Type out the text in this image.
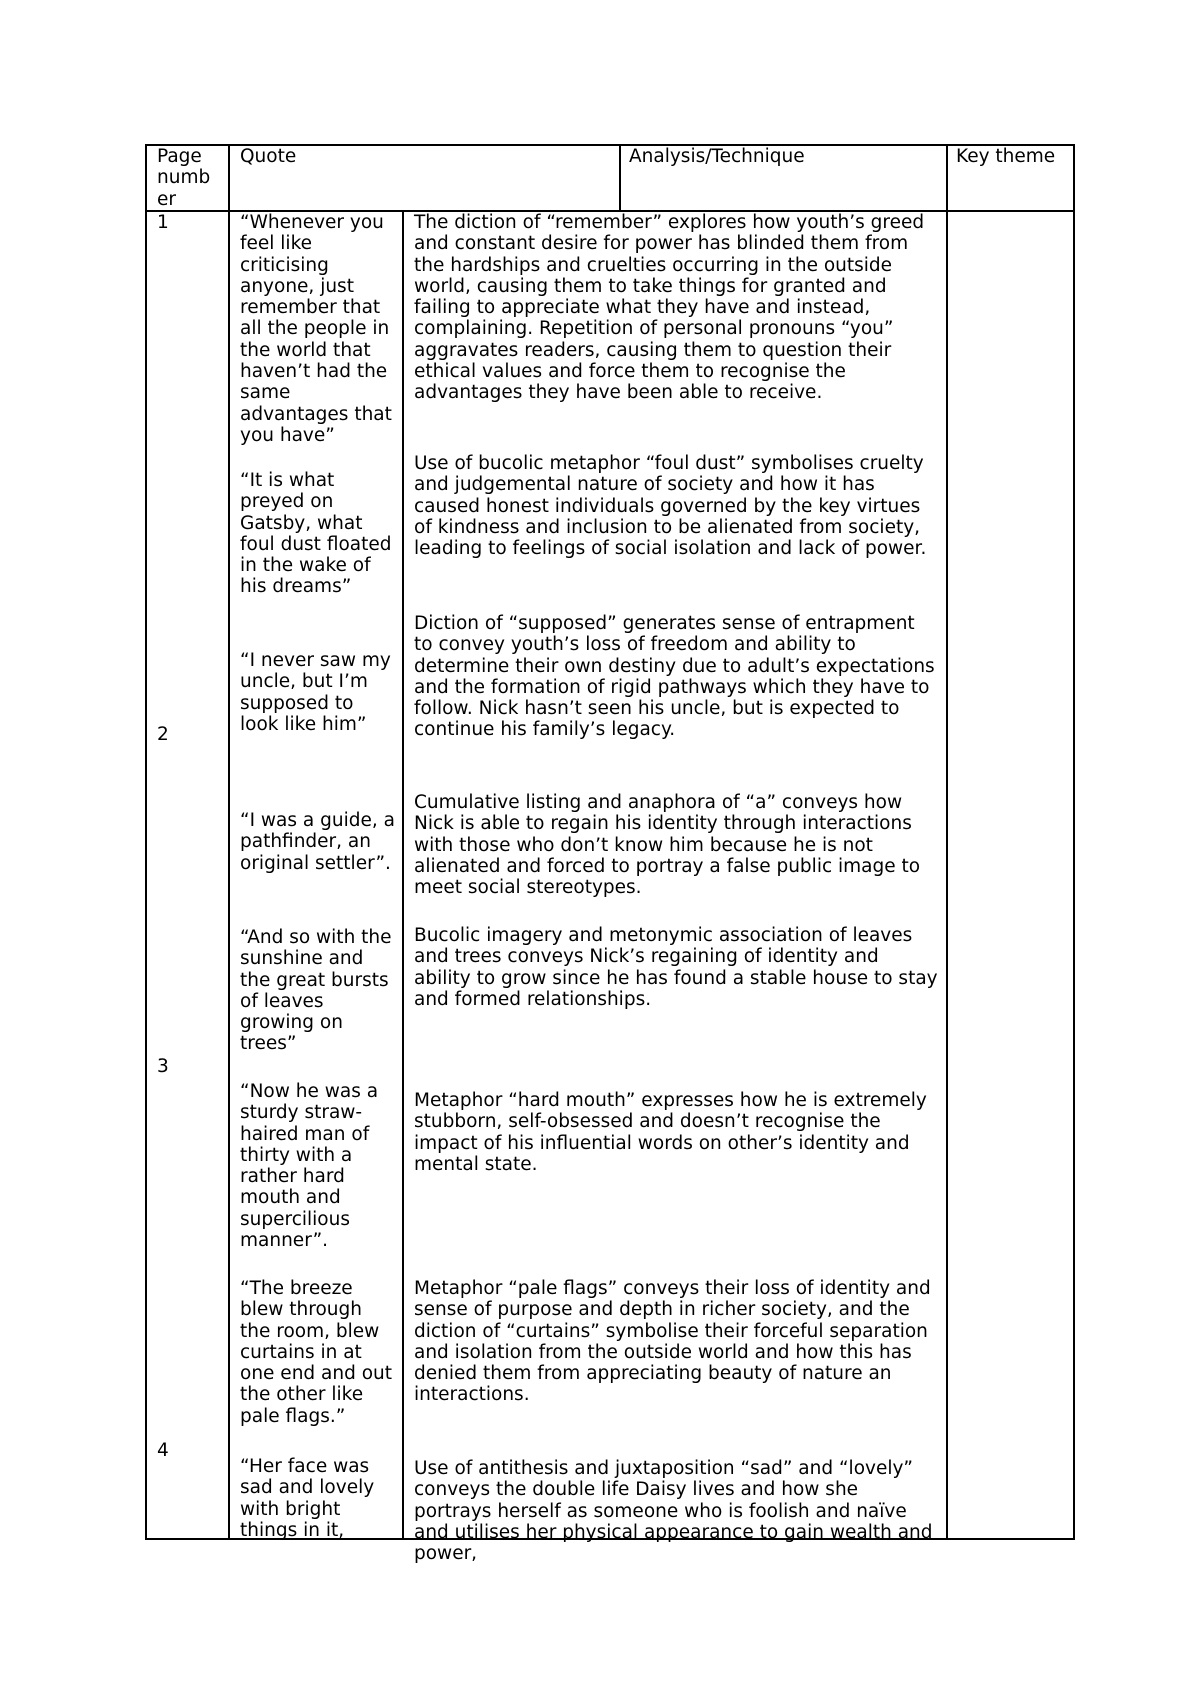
Page numb er
Quote	Analysis/Technique	Key theme
1
2
3
4
“Whenever you feel like criticising anyone, just remember that all the people in the world that haven’t had the same advantages that you have”
“It is what preyed on Gatsby, what foul dust floated in the wake of his dreams”
“I never saw my uncle, but I’m supposed to look like him”
“I was a guide, a pathfinder, an original settler”.
“And so with the sunshine and the great bursts of leaves growing on trees”
“Now he was a sturdy straw-haired man of thirty with a rather hard mouth and supercilious manner”.
“The breeze blew through the room, blew curtains in at one end and out the other like pale flags.”
“Her face was sad and lovely with bright things in it,
The diction of “remember” explores how youth’s greed and constant desire for power has blinded them from the hardships and cruelties occurring in the outside world, causing them to take things for granted and failing to appreciate what they have and instead, complaining. Repetition of personal pronouns “you” aggravates readers, causing them to question their ethical values and force them to recognise the advantages they have been able to receive.
Use of bucolic metaphor “foul dust” symbolises cruelty and judgemental nature of society and how it has caused honest individuals governed by the key virtues of kindness and inclusion to be alienated from society, leading to feelings of social isolation and lack of power.
Diction of “supposed” generates sense of entrapment to convey youth’s loss of freedom and ability to determine their own destiny due to adult’s expectations and the formation of rigid pathways which they have to follow. Nick hasn’t seen his uncle, but is expected to continue his family’s legacy.
Cumulative listing and anaphora of “a” conveys how Nick is able to regain his identity through interactions with those who don’t know him because he is not alienated and forced to portray a false public image to meet social stereotypes.
Bucolic imagery and metonymic association of leaves and trees conveys Nick’s regaining of identity and ability to grow since he has found a stable house to stay and formed relationships.
Metaphor “hard mouth” expresses how he is extremely stubborn, self-obsessed and doesn’t recognise the impact of his influential words on other’s identity and mental state.
Metaphor “pale flags” conveys their loss of identity and sense of purpose and depth in richer society, and the diction of “curtains” symbolise their forceful separation and isolation from the outside world and how this has denied them from appreciating beauty of nature an interactions.
Use of antithesis and juxtaposition “sad” and “lovely” conveys the double life Daisy lives and how she portrays herself as someone who is foolish and naïve and utilises her physical appearance to gain wealth and power,
